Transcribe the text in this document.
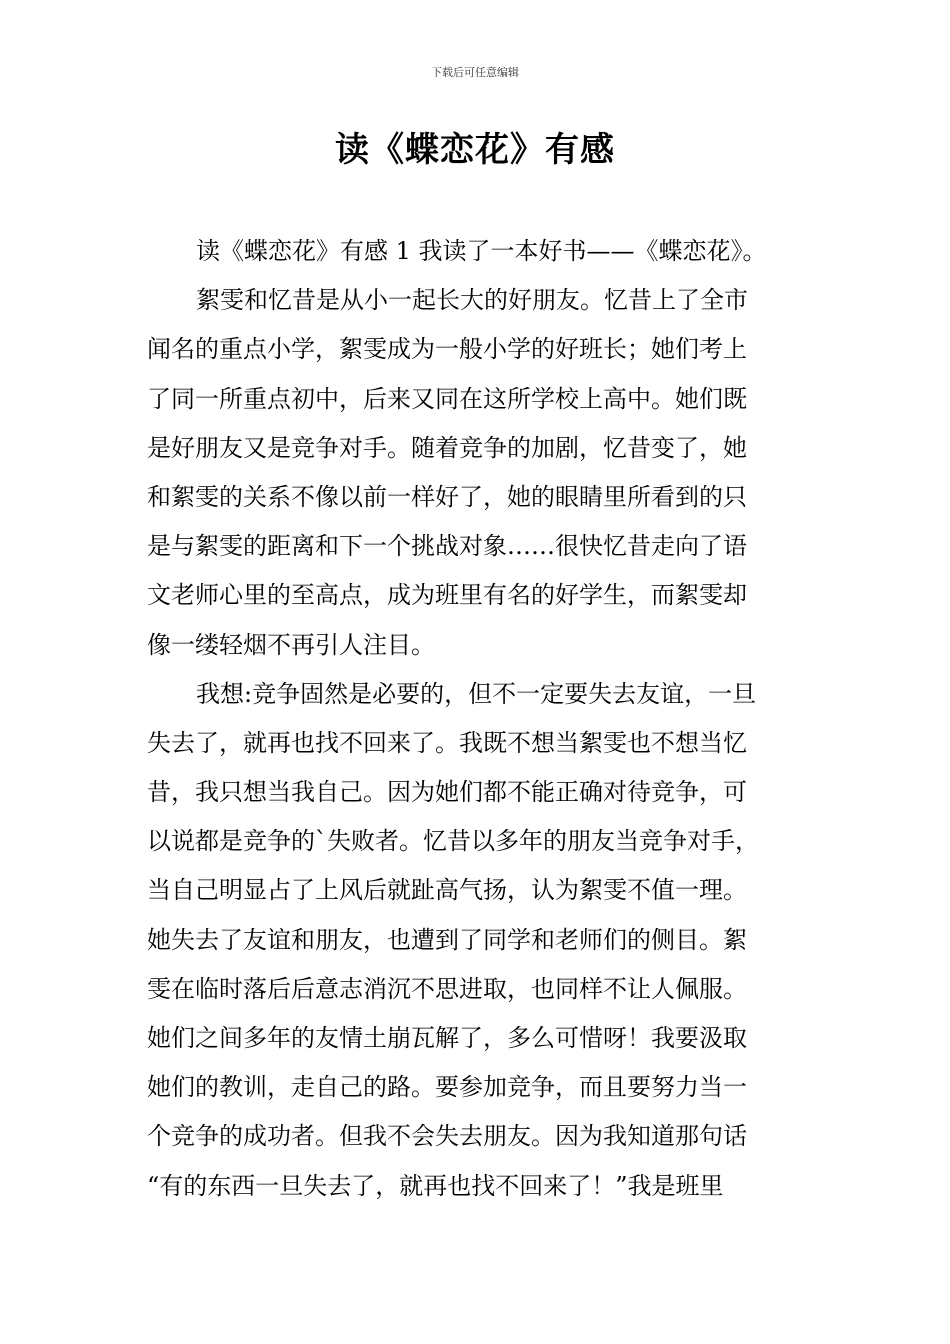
下载后可任意编辑
读《蝶恋花》有感
读《蝶恋花》有感 1 我读了一本好书——《蝶恋花》。
絮雯和忆昔是从小一起长大的好朋友。忆昔上了全市
闻名的重点小学，絮雯成为一般小学的好班长；她们考上
了同一所重点初中，后来又同在这所学校上高中。她们既
是好朋友又是竞争对手。随着竞争的加剧，忆昔变了，她
和絮雯的关系不像以前一样好了，她的眼睛里所看到的只
是与絮雯的距离和下一个挑战对象……很快忆昔走向了语
文老师心里的至高点，成为班里有名的好学生，而絮雯却
像一缕轻烟不再引人注目。
我想:竞争固然是必要的，但不一定要失去友谊，一旦
失去了，就再也找不回来了。我既不想当絮雯也不想当忆
昔，我只想当我自己。因为她们都不能正确对待竞争，可
以说都是竞争的`失败者。忆昔以多年的朋友当竞争对手，
当自己明显占了上风后就趾高气扬，认为絮雯不值一理。
她失去了友谊和朋友，也遭到了同学和老师们的侧目。絮
雯在临时落后后意志消沉不思进取，也同样不让人佩服。
她们之间多年的友情土崩瓦解了，多么可惜呀！我要汲取
她们的教训，走自己的路。要参加竞争，而且要努力当一
个竞争的成功者。但我不会失去朋友。因为我知道那句话
“有的东西一旦失去了，就再也找不回来了！”我是班里
